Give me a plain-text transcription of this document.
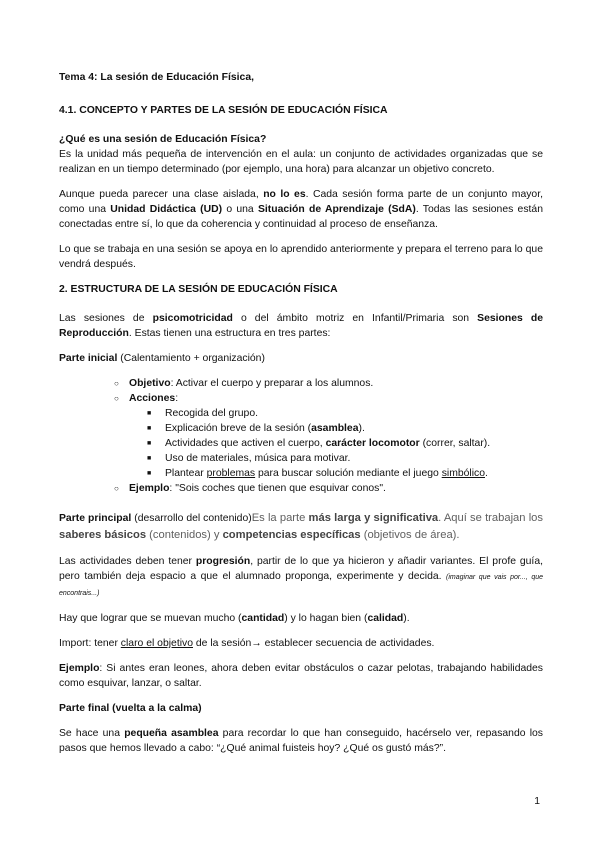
Tema 4: La sesión de Educación Física,

4.1. CONCEPTO Y PARTES DE LA SESIÓN DE EDUCACIÓN FÍSICA

¿Qué es una sesión de Educación Física?

Es la unidad más pequeña de intervención en el aula: un conjunto de actividades organizadas que se realizan en un tiempo determinado (por ejemplo, una hora) para alcanzar un objetivo concreto.

Aunque pueda parecer una clase aislada, no lo es. Cada sesión forma parte de un conjunto mayor, como una Unidad Didáctica (UD) o una Situación de Aprendizaje (SdA). Todas las sesiones están conectadas entre sí, lo que da coherencia y continuidad al proceso de enseñanza.

Lo que se trabaja en una sesión se apoya en lo aprendido anteriormente y prepara el terreno para lo que vendrá después.

2. ESTRUCTURA DE LA SESIÓN DE EDUCACIÓN FÍSICA

Las sesiones de psicomotricidad o del ámbito motriz en Infantil/Primaria son Sesiones de Reproducción. Estas tienen una estructura en tres partes:

Parte inicial (Calentamiento + organización)

○ Objetivo: Activar el cuerpo y preparar a los alumnos.
○ Acciones:
■ Recogida del grupo.
■ Explicación breve de la sesión (asamblea).
■ Actividades que activen el cuerpo, carácter locomotor (correr, saltar).
■ Uso de materiales, música para motivar.
■ Plantear problemas para buscar solución mediante el juego simbólico.
○ Ejemplo: "Sois coches que tienen que esquivar conos".

Parte principal (desarrollo del contenido)Es la parte más larga y significativa. Aquí se trabajan los saberes básicos (contenidos) y competencias específicas (objetivos de área).

Las actividades deben tener progresión, partir de lo que ya hicieron y añadir variantes. El profe guía, pero también deja espacio a que el alumnado proponga, experimente y decida. (imaginar que vais por..., que encontrais...)

Hay que lograr que se muevan mucho (cantidad) y lo hagan bien (calidad).

Import: tener claro el objetivo de la sesión→ establecer secuencia de actividades.

Ejemplo: Si antes eran leones, ahora deben evitar obstáculos o cazar pelotas, trabajando habilidades como esquivar, lanzar, o saltar.

Parte final (vuelta a la calma)

Se hace una pequeña asamblea para recordar lo que han conseguido, hacérselo ver, repasando los pasos que hemos llevado a cabo: “¿Qué animal fuisteis hoy? ¿Qué os gustó más?”.

1
